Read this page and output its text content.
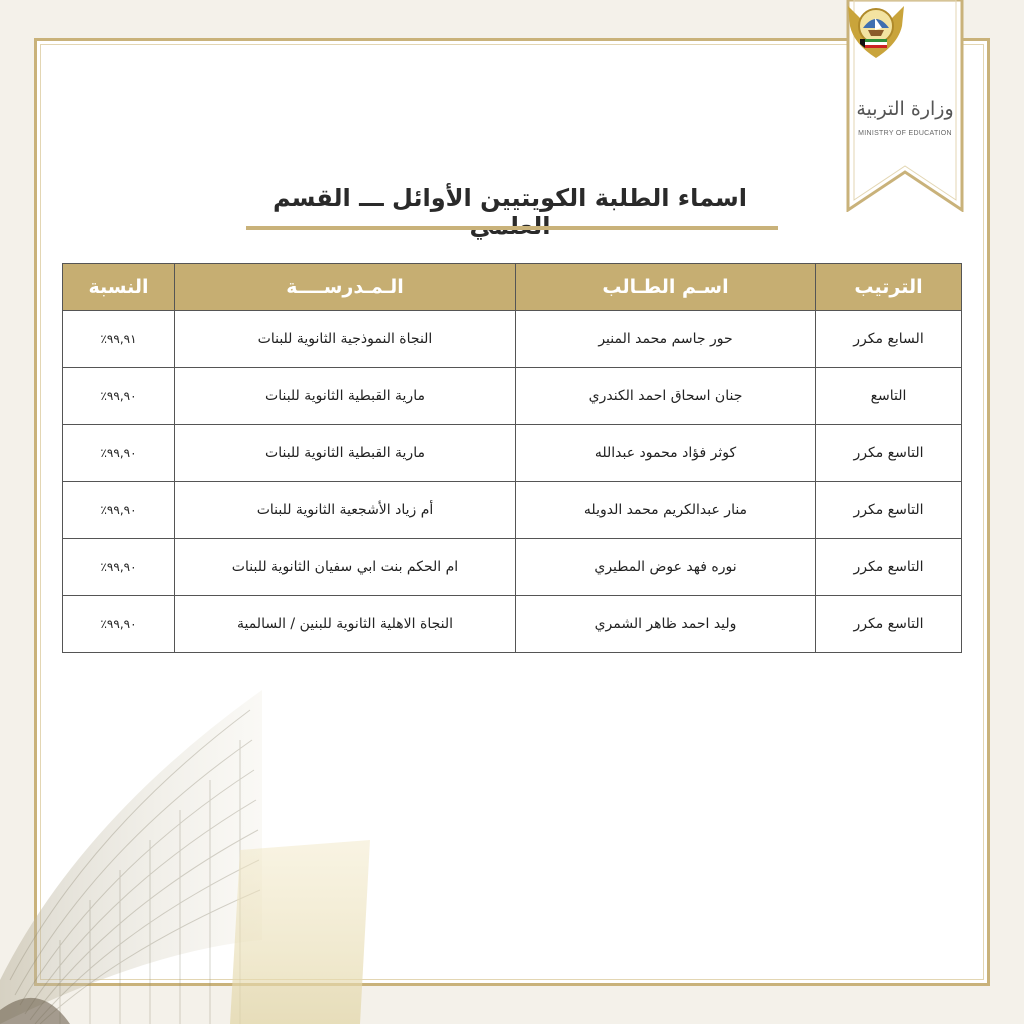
وزارة التربية
MINISTRY OF EDUCATION
اسماء الطلبة الكويتيين الأوائل ـــ القسم
الترتيب	اسـم الطـالب	الـمـدرســــة	النسبة
السابع مكرر	حور جاسم محمد المنير	النجاة النموذجية الثانوية للبنات	٩٩,٩١٪
التاسع	جنان اسحاق احمد الكندري	مارية القبطية الثانوية للبنات	٩٩,٩٠٪
التاسع مكرر	كوثر فؤاد محمود عبدالله	مارية القبطية الثانوية للبنات	٩٩,٩٠٪
التاسع مكرر	منار عبدالكريم محمد الدويله	أم زياد الأشجعية الثانوية للبنات	٩٩,٩٠٪
التاسع مكرر	نوره فهد عوض المطيري	ام الحكم بنت ابي سفيان الثانوية للبنات	٩٩,٩٠٪
التاسع مكرر	وليد احمد ظاهر الشمري	النجاة الاهلية الثانوية للبنين / السالمية	٩٩,٩٠٪
